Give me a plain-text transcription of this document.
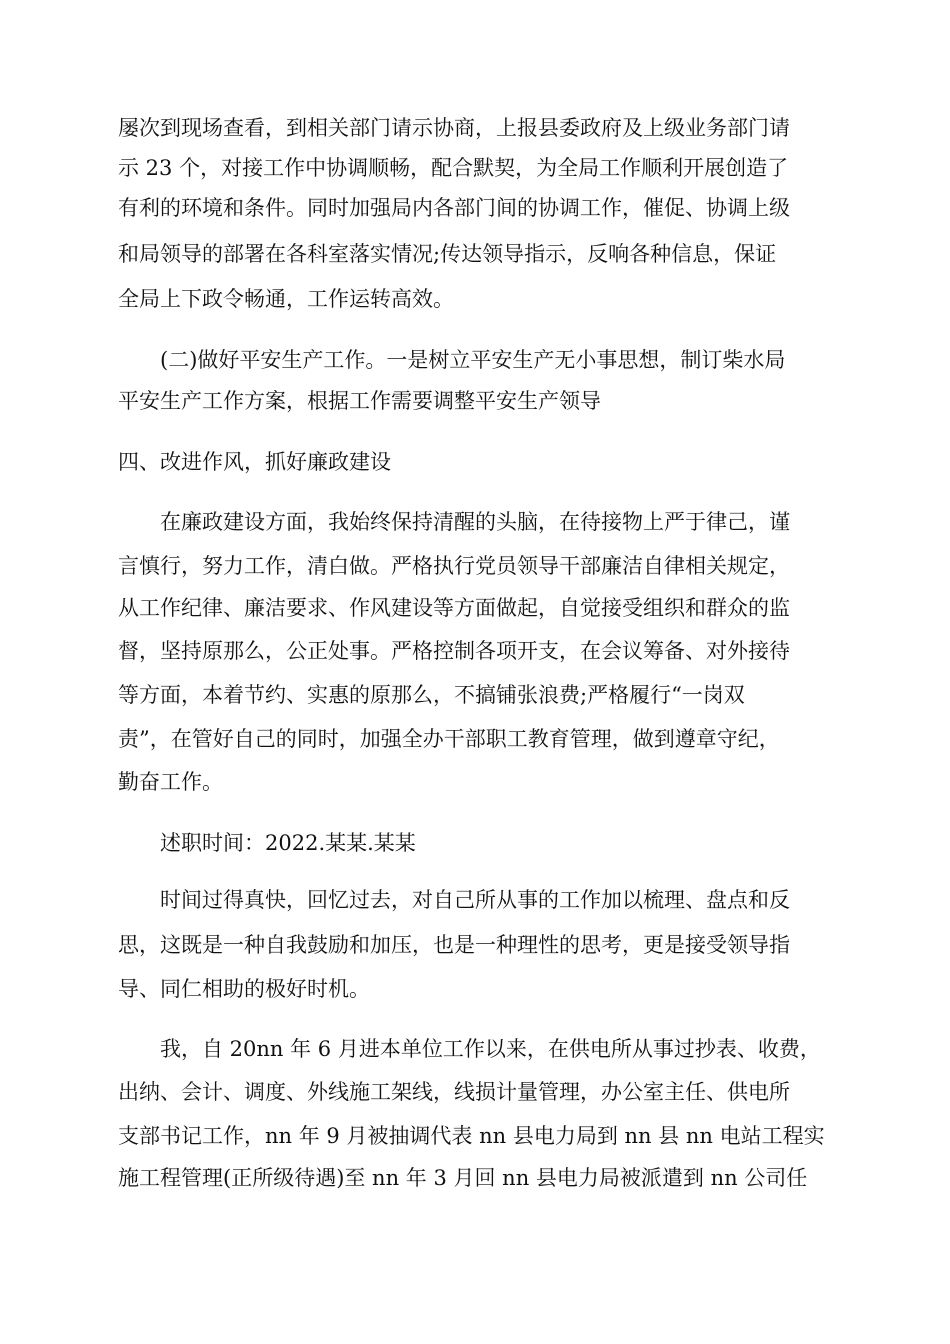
屡次到现场查看，到相关部门请示协商，上报县委政府及上级业务部门请
示 23 个，对接工作中协调顺畅，配合默契，为全局工作顺利开展创造了
有利的环境和条件。同时加强局内各部门间的协调工作，催促、协调上级
和局领导的部署在各科室落实情况;传达领导指示，反响各种信息，保证
全局上下政令畅通，工作运转高效。
(二)做好平安生产工作。一是树立平安生产无小事思想，制订柴水局
平安生产工作方案，根据工作需要调整平安生产领导
四、改进作风，抓好廉政建设
在廉政建设方面，我始终保持清醒的头脑，在待接物上严于律己，谨
言慎行，努力工作，清白做。严格执行党员领导干部廉洁自律相关规定，
从工作纪律、廉洁要求、作风建设等方面做起，自觉接受组织和群众的监
督，坚持原那么，公正处事。严格控制各项开支，在会议筹备、对外接待
等方面，本着节约、实惠的原那么，不搞铺张浪费;严格履行“一岗双
责”，在管好自己的同时，加强全办干部职工教育管理，做到遵章守纪，
勤奋工作。
述职时间：2022.某某.某某
时间过得真快，回忆过去，对自己所从事的工作加以梳理、盘点和反
思，这既是一种自我鼓励和加压，也是一种理性的思考，更是接受领导指
导、同仁相助的极好时机。
我，自 20nn 年 6 月进本单位工作以来，在供电所从事过抄表、收费，
出纳、会计、调度、外线施工架线，线损计量管理，办公室主任、供电所
支部书记工作，nn 年 9 月被抽调代表 nn 县电力局到 nn 县 nn 电站工程实
施工程管理(正所级待遇)至 nn 年 3 月回 nn 县电力局被派遣到 nn 公司任
